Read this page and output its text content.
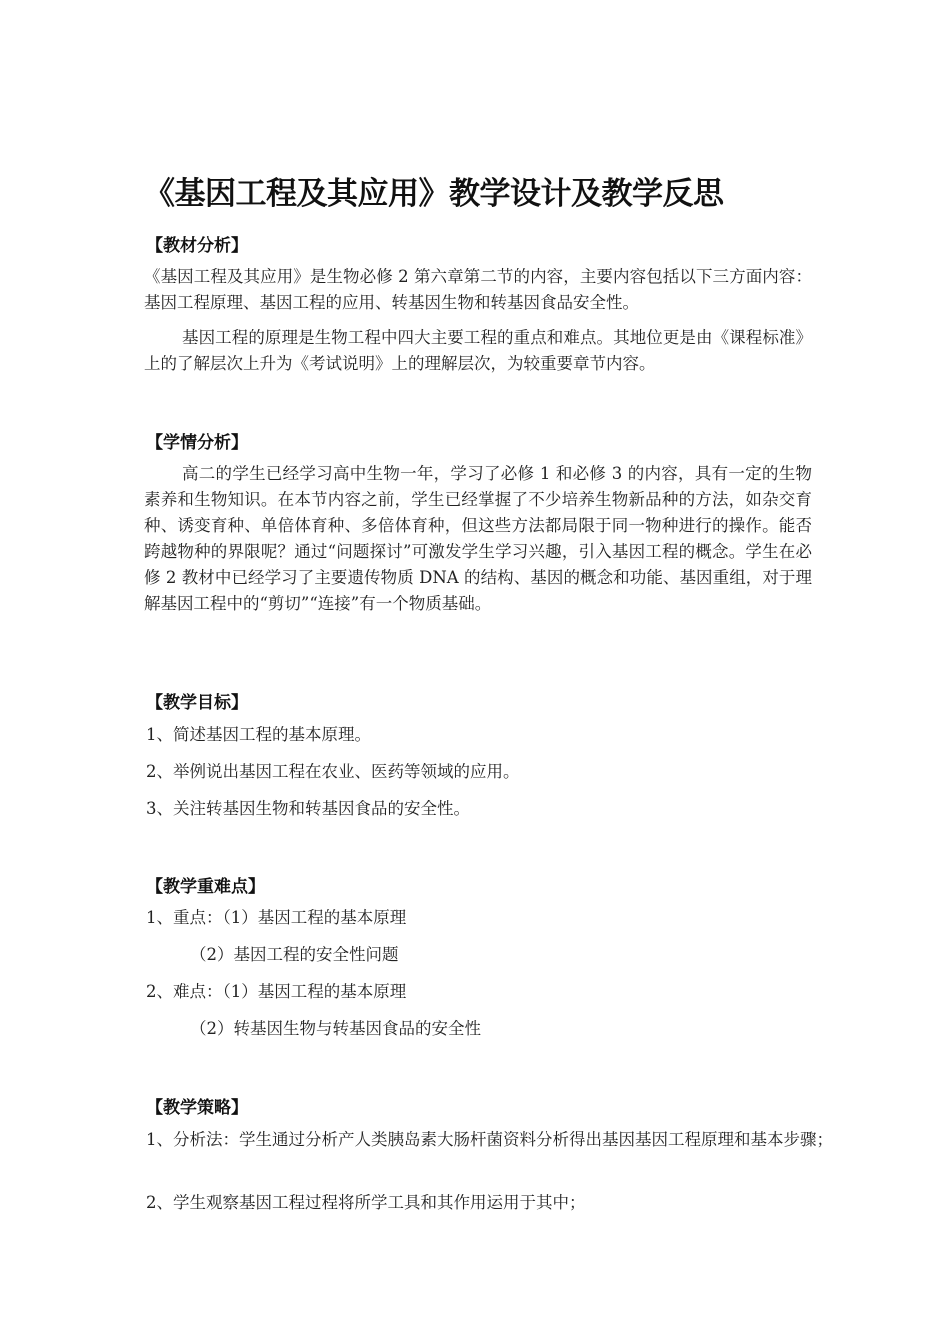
《基因工程及其应用》教学设计及教学反思
【教材分析】
《基因工程及其应用》是生物必修 2 第六章第二节的内容，主要内容包括以下三方面内容：基因工程原理、基因工程的应用、转基因生物和转基因食品安全性。
基因工程的原理是生物工程中四大主要工程的重点和难点。其地位更是由《课程标准》上的了解层次上升为《考试说明》上的理解层次，为较重要章节内容。
【学情分析】
高二的学生已经学习高中生物一年，学习了必修 1 和必修 3 的内容，具有一定的生物素养和生物知识。在本节内容之前，学生已经掌握了不少培养生物新品种的方法，如杂交育种、诱变育种、单倍体育种、多倍体育种，但这些方法都局限于同一物种进行的操作。能否跨越物种的界限呢？通过“问题探讨”可激发学生学习兴趣，引入基因工程的概念。学生在必修 2 教材中已经学习了主要遗传物质 DNA 的结构、基因的概念和功能、基因重组，对于理解基因工程中的“剪切”“连接”有一个物质基础。
【教学目标】
1、简述基因工程的基本原理。
2、举例说出基因工程在农业、医药等领域的应用。
3、关注转基因生物和转基因食品的安全性。
【教学重难点】
1、重点：（1）基因工程的基本原理
（2）基因工程的安全性问题
2、难点：（1）基因工程的基本原理
（2）转基因生物与转基因食品的安全性
【教学策略】
1、分析法：学生通过分析产人类胰岛素大肠杆菌资料分析得出基因基因工程原理和基本步骤；
2、学生观察基因工程过程将所学工具和其作用运用于其中；
